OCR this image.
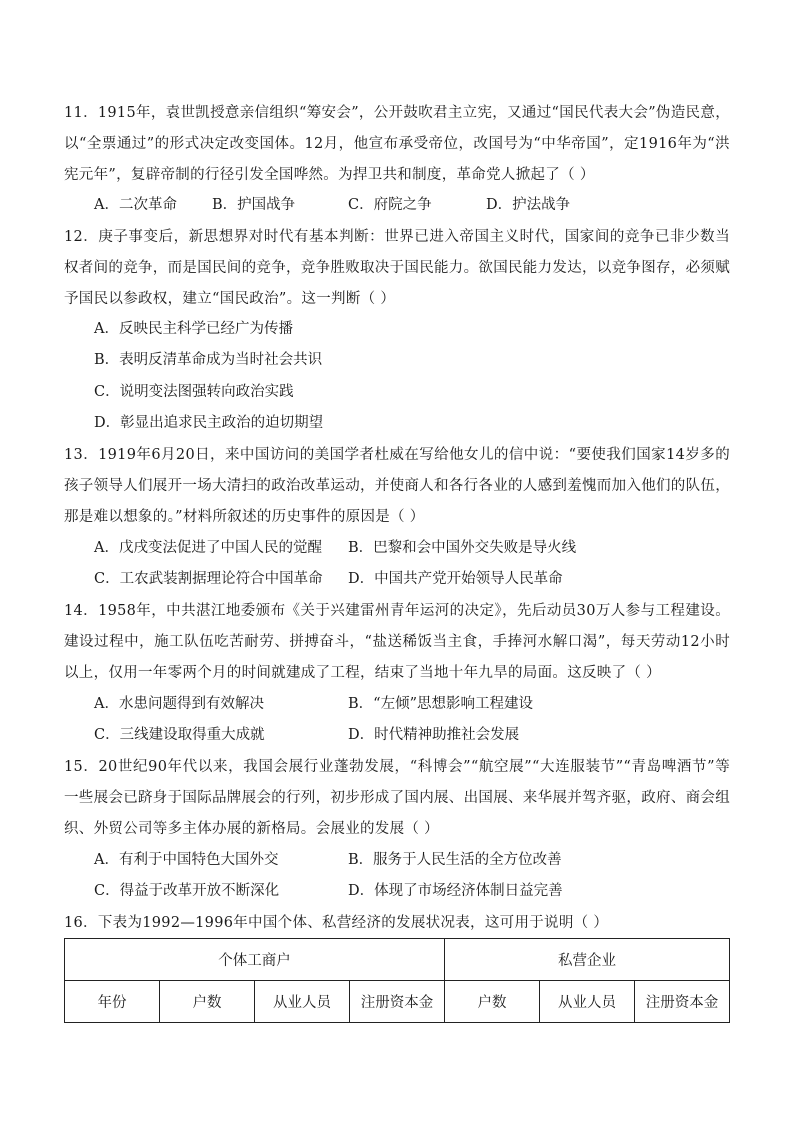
11．1915年，袁世凯授意亲信组织“筹安会”，公开鼓吹君主立宪，又通过“国民代表大会”伪造民意，以“全票通过”的形式决定改变国体。12月，他宣布承受帝位，改国号为“中华帝国”，定1916年为“洪宪元年”，复辟帝制的行径引发全国哗然。为捍卫共和制度，革命党人掀起了（ ）
A．二次革命 B．护国战争	C．府院之争	D．护法战争
12．庚子事变后，新思想界对时代有基本判断：世界已进入帝国主义时代，国家间的竞争已非少数当权者间的竞争，而是国民间的竞争，竞争胜败取决于国民能力。欲国民能力发达，以竞争图存，必须赋予国民以参政权，建立“国民政治”。这一判断（ ）
A．反映民主科学已经广为传播
B．表明反清革命成为当时社会共识
C．说明变法图强转向政治实践
D．彰显出追求民主政治的迫切期望
13．1919年6月20日，来中国访问的美国学者杜威在写给他女儿的信中说：“要使我们国家14岁多的孩子领导人们展开一场大清扫的政治改革运动，并使商人和各行各业的人感到羞愧而加入他们的队伍，那是难以想象的。”材料所叙述的历史事件的原因是（ ）
A．戊戌变法促进了中国人民的觉醒 B．巴黎和会中国外交失败是导火线
C．工农武装割据理论符合中国革命 D．中国共产党开始领导人民革命
14．1958年，中共湛江地委颁布《关于兴建雷州青年运河的决定》，先后动员30万人参与工程建设。建设过程中，施工队伍吃苦耐劳、拼搏奋斗，“盐送稀饭当主食，手捧河水解口渴”，每天劳动12小时以上，仅用一年零两个月的时间就建成了工程，结束了当地十年九旱的局面。这反映了（ ）
A．水患问题得到有效解决	B．“左倾”思想影响工程建设
C．三线建设取得重大成就	D．时代精神助推社会发展
15．20世纪90年代以来，我国会展行业蓬勃发展，“科博会”“航空展”“大连服装节”“青岛啤酒节”等一些展会已跻身于国际品牌展会的行列，初步形成了国内展、出国展、来华展并驾齐驱，政府、商会组织、外贸公司等多主体办展的新格局。会展业的发展（ ）
A．有利于中国特色大国外交	B．服务于人民生活的全方位改善
C．得益于改革开放不断深化	D．体现了市场经济体制日益完善
16．下表为1992—1996年中国个体、私营经济的发展状况表，这可用于说明（ ）
个体工商户				私营企业		
年份	户数	从业人员	注册资本金	户数	从业人员	注册资本金
